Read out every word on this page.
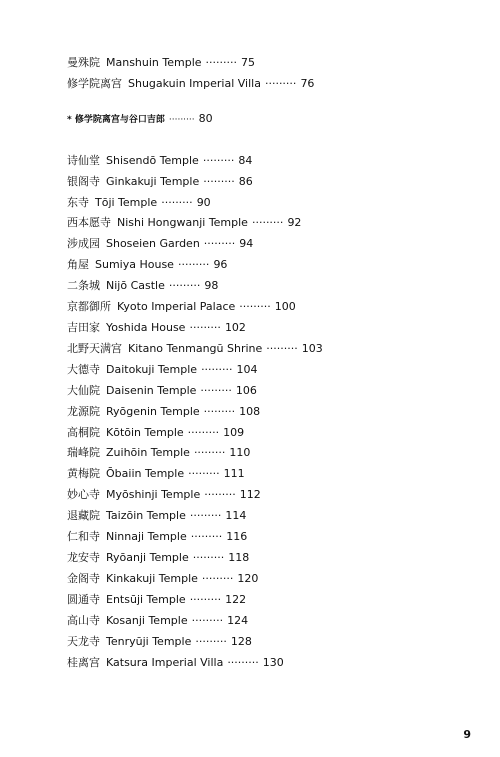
曼殊院 Manshuin Temple ········· 75
修学院离宫 Shugakuin Imperial Villa ········· 76
* 修学院离宫与谷口吉郎 ········· 80
诗仙堂 Shisendō Temple ········· 84
银阁寺 Ginkakuji Temple ········· 86
东寺 Tōji Temple ········· 90
西本愿寺 Nishi Hongwanji Temple ········· 92
涉成园 Shoseien Garden ········· 94
角屋 Sumiya House ········· 96
二条城 Nijō Castle ········· 98
京都御所 Kyoto Imperial Palace ········· 100
吉田家 Yoshida House ········· 102
北野天满宫 Kitano Tenmangū Shrine ········· 103
大德寺 Daitokuji Temple ········· 104
大仙院 Daisenin Temple ········· 106
龙源院 Ryōgenin Temple ········· 108
高桐院 Kōtōin Temple ········· 109
瑞峰院 Zuihōin Temple ········· 110
黄梅院 Ōbaiin Temple ········· 111
妙心寺 Myōshinji Temple ········· 112
退藏院 Taizōin Temple ········· 114
仁和寺 Ninnaji Temple ········· 116
龙安寺 Ryōanji Temple ········· 118
金阁寺 Kinkakuji Temple ········· 120
圆通寺 Entsūji Temple ········· 122
高山寺 Kosanji Temple ········· 124
天龙寺 Tenryūji Temple ········· 128
桂离宫 Katsura Imperial Villa ········· 130
9
